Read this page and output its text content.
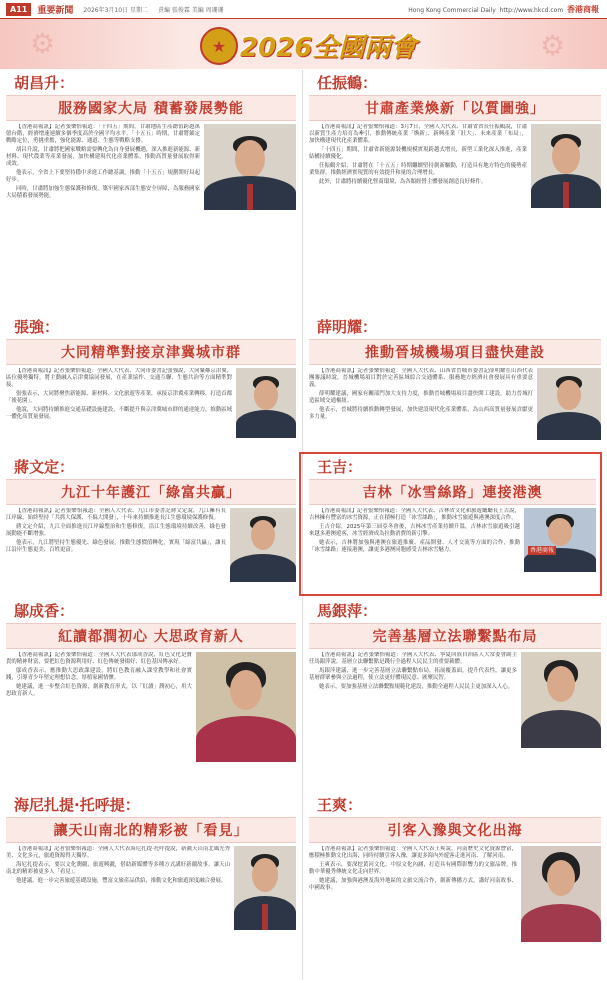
A11	重要新聞 2026年3月10日 星期二 責編 張俊霖 美編 周珊珊	Hong Kong Commercial Daily http://www.hkcd.com 香港商報
⚙	⚙
★ 2026全國兩會
胡昌升：
服務國家大局 積蓄發展勢能

【香港商報訊】記者張樂怡報道：「十四五」期間，甘肅地區生產總值跨越萬億台階，經濟增速連續多個季度高於全國平均水平。「十五五」時期，甘肅將錨定戰略定位，勇挑重擔，強化能源、通道、生態等戰略支撐。

胡昌升說，甘肅將把國家戰略需要轉化為自身發展機遇，深入推進新能源、新材料、現代農業等產業發展，加快構建現代化產業體系，推動高質量發展取得新成效。

他表示，全省上下要堅持穩中求進工作總基調，推動「十五五」規劃開好局起好步。

同時，甘肅將加強生態保護和修復，築牢國家西部生態安全屏障，為服務國家大局積蓄發展勢能。

任振鶴：
甘肅產業煥新「以質圖強」

【香港商報訊】記者張樂怡報道：3月7日，全國人大代表、甘肅省省長任振鶴說，甘肅以新質生產力培育為牽引，推動傳統產業「煥新」、新興產業「壯大」、未來產業「布局」，加快構建現代化產業體系。

「十四五」期間，甘肅省新能源裝機規模實現跨越式增長，新型工業化深入推進，產業結構持續優化。

任振鶴介紹，甘肅將在「十五五」時期繼續堅持創新驅動，打造具有地方特色的優勢產業集群，推動經濟實現質的有效提升和量的合理增長。

此外，甘肅將持續優化營商環境，為各類經營主體發展創造良好條件。

張強：
大同精準對接京津冀城市群

【香港商報訊】記者張樂怡報道：全國人大代表、大同市委書記張強說，大同緊鄰京津冀，區位優勢獨特，將主動融入京津冀協同發展，在產業協作、交通互聯、生態共治等方面精準對接。

張強表示，大同將聚焦新能源、新材料、文化旅遊等產業，承接京津冀產業轉移，打造首都「後花園」。

他說，大同將持續推進交通基礎設施建設，不斷提升與京津冀城市群的通達能力，推動區域一體化高質量發展。

薛明耀：
推動晉城機場項目盡快建設

【香港商報訊】記者張樂怡報道：全國人大代表、山西省晉城市委書記薛明耀在山西代表團審議時說，晉城機場項目對於完善區域綜合交通體系、服務地方經濟社會發展具有重要意義。

薛明耀建議，國家有關部門加大支持力度，推動晉城機場項目盡快開工建設，助力晉城打造區域交通樞紐。

他表示，晉城將持續推動轉型發展，加快建設現代化產業體系，為山西高質量發展貢獻更多力量。

蔣文定：
九江十年護江「綠富共贏」

【香港商報訊】記者張樂怡報道：全國人大代表、九江市委書記蔣文定說，九江擁有長江岸線，始終堅持「共抓大保護、不搞大開發」，十年來持續推進長江生態環境保護修復。

蔣文定介紹，九江全面推進長江岸線整治和生態修復，沿江生態環境持續改善，綠色發展動能不斷增強。

他表示，九江將堅持生態優先、綠色發展，推動生態價值轉化，實現「綠富共贏」，讓長江沿岸生態更美、百姓更富。

王吉：
吉林「冰雪絲路」連接港澳
香港商報

【香港商報訊】記者張樂怡報道：全國人大代表、吉林省文化和旅遊廳廳長王吉說，吉林擁有豐富的冰雪資源，正在積極打造「冰雪絲路」，推動冰雪旅遊與港澳深度合作。

王吉介紹，2025年第三屆亞冬會後，吉林冰雪產業持續升溫，吉林冰雪旅遊吸引越來越多港澳遊客，冰雪經濟成為拉動消費的新引擎。

她表示，吉林將加強與港澳在旅遊推廣、產品開發、人才交流等方面的合作，推動「冰雪絲路」連接港澳，讓更多港澳同胞感受吉林冰雪魅力。

鄔成香：
紅讀都潤初心 大思政育新人

【香港商報訊】記者張樂怡報道：全國人大代表鄔成香說，紅色文化是寶貴的精神財富，要把紅色資源利用好、紅色傳統發揚好、紅色基因傳承好。

鄔成香表示，應推動大思政課建設，將紅色教育融入課堂教學和社會實踐，引導青少年堅定理想信念，厚植家國情懷。

她建議，進一步整合紅色資源，創新教育形式，以「紅讀」潤初心，用大思政育新人。

馬銀萍：
完善基層立法聯繫點布局

【香港商報訊】記者張樂怡報道：全國人大代表、寧夏回族自治區人大常委會副主任馬銀萍說，基層立法聯繫點是踐行全過程人民民主的重要載體。

馬銀萍建議，進一步完善基層立法聯繫點布局，拓展覆蓋面，提升代表性，讓更多基層群眾參與立法過程，使立法更好體現民意、匯聚民智。

她表示，要加強基層立法聯繫點規範化建設，推動全過程人民民主更加深入人心。

海尼扎提·托呼提：
讓天山南北的精彩被「看見」

【香港商報訊】記者張樂怡報道：全國人大代表海尼扎提·托呼提說，新疆天山南北風光秀美、文化多元，旅遊資源得天獨厚。

海尼扎提表示，要以文化潤疆、旅遊興疆，借助新媒體等多種方式講好新疆故事，讓天山南北的精彩被更多人「看見」。

他建議，進一步完善旅遊基礎設施，豐富文旅產品供給，推動文化和旅遊深度融合發展。

王爽：
引客入豫與文化出海

【香港商報訊】記者張樂怡報道：全國人大代表王爽說，河南歷史文化資源豐富，應積極推動文化出海，同時持續引客入豫，讓更多海內外遊客走進河南、了解河南。

王爽表示，要深挖黃河文化、中原文化內涵，打造具有國際影響力的文旅品牌，推動中華優秀傳統文化走向世界。

她建議，加強與港澳及海外地區的文旅交流合作，創新傳播方式，講好河南故事、中國故事。
